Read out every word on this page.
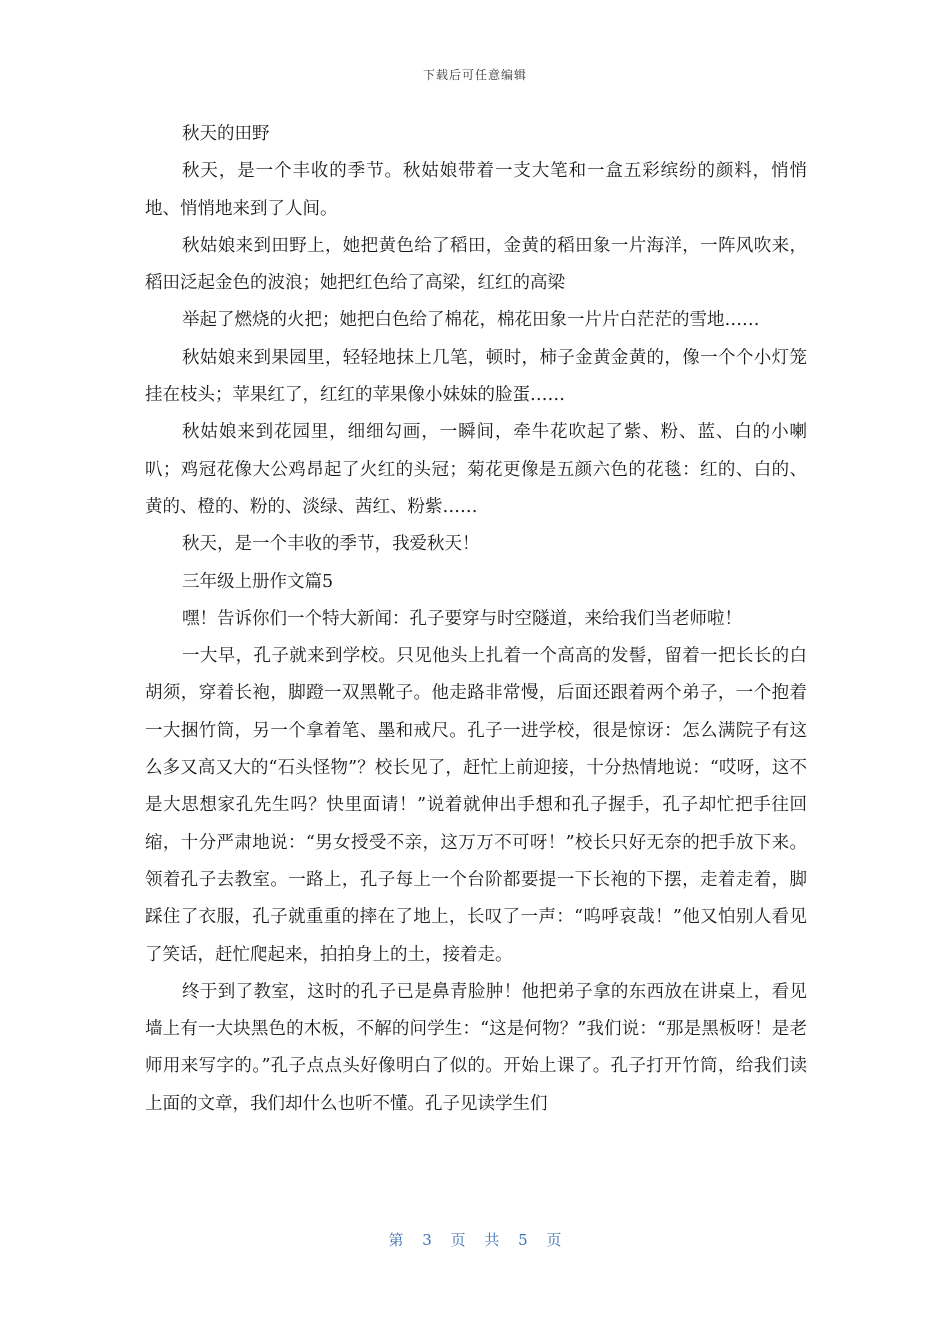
下载后可任意编辑

秋天的田野

秋天，是一个丰收的季节。秋姑娘带着一支大笔和一盒五彩缤纷的颜料，悄悄地、悄悄地来到了人间。

秋姑娘来到田野上，她把黄色给了稻田，金黄的稻田象一片海洋，一阵风吹来，稻田泛起金色的波浪；她把红色给了高梁，红红的高梁

举起了燃烧的火把；她把白色给了棉花，棉花田象一片片白茫茫的雪地……

秋姑娘来到果园里，轻轻地抹上几笔，顿时，柿子金黄金黄的，像一个个小灯笼挂在枝头；苹果红了，红红的苹果像小妹妹的脸蛋……

秋姑娘来到花园里，细细勾画，一瞬间，牵牛花吹起了紫、粉、蓝、白的小喇叭；鸡冠花像大公鸡昂起了火红的头冠；菊花更像是五颜六色的花毯：红的、白的、黄的、橙的、粉的、淡绿、茜红、粉紫……

秋天，是一个丰收的季节，我爱秋天！

三年级上册作文篇5

嘿！告诉你们一个特大新闻：孔子要穿与时空隧道，来给我们当老师啦！

一大早，孔子就来到学校。只见他头上扎着一个高高的发髻，留着一把长长的白胡须，穿着长袍，脚蹬一双黑靴子。他走路非常慢，后面还跟着两个弟子，一个抱着一大捆竹筒，另一个拿着笔、墨和戒尺。孔子一进学校，很是惊讶：怎么满院子有这么多又高又大的“石头怪物”？校长见了，赶忙上前迎接，十分热情地说：“哎呀，这不是大思想家孔先生吗？快里面请！”说着就伸出手想和孔子握手，孔子却忙把手往回缩，十分严肃地说：“男女授受不亲，这万万不可呀！”校长只好无奈的把手放下来。领着孔子去教室。一路上，孔子每上一个台阶都要提一下长袍的下摆，走着走着，脚踩住了衣服，孔子就重重的摔在了地上，长叹了一声：“呜呼哀哉！”他又怕别人看见了笑话，赶忙爬起来，拍拍身上的土，接着走。

终于到了教室，这时的孔子已是鼻青脸肿！他把弟子拿的东西放在讲桌上，看见墙上有一大块黑色的木板，不解的问学生：“这是何物？”我们说：“那是黑板呀！是老师用来写字的。”孔子点点头好像明白了似的。开始上课了。孔子打开竹筒，给我们读上面的文章，我们却什么也听不懂。孔子见读学生们

第 3 页 共 5 页
